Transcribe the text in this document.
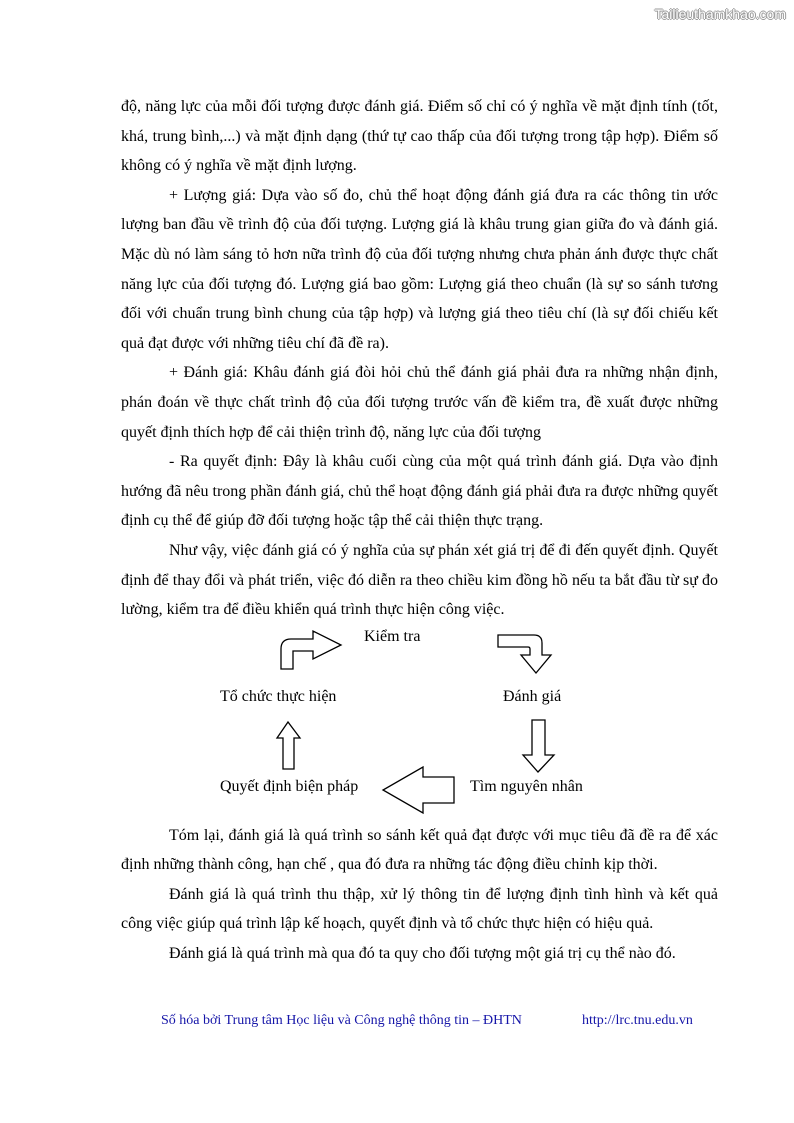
Tailieuthamkhao.com

độ, năng lực của mỗi đối tượng được đánh giá. Điểm số chỉ có ý nghĩa về mặt định tính (tốt, khá, trung bình,...) và mặt định dạng (thứ tự cao thấp của đối tượng trong tập hợp). Điểm số không có ý nghĩa về mặt định lượng.

+ Lượng giá: Dựa vào số đo, chủ thể hoạt động đánh giá đưa ra các thông tin ước lượng ban đầu về trình độ của đối tượng. Lượng giá là khâu trung gian giữa đo và đánh giá. Mặc dù nó làm sáng tỏ hơn nữa trình độ của đối tượng nhưng chưa phản ánh được thực chất năng lực của đối tượng đó. Lượng giá bao gồm: Lượng giá theo chuẩn (là sự so sánh tương đối với chuẩn trung bình chung của tập hợp) và lượng giá theo tiêu chí (là sự đối chiếu kết quả đạt được với những tiêu chí đã đề ra).

+ Đánh giá: Khâu đánh giá đòi hỏi chủ thể đánh giá phải đưa ra những nhận định, phán đoán về thực chất trình độ của đối tượng trước vấn đề kiểm tra, đề xuất được những quyết định thích hợp để cải thiện trình độ, năng lực của đối tượng

- Ra quyết định: Đây là khâu cuối cùng của một quá trình đánh giá. Dựa vào định hướng đã nêu trong phần đánh giá, chủ thể hoạt động đánh giá phải đưa ra được những quyết định cụ thể để giúp đỡ đối tượng hoặc tập thể cải thiện thực trạng.

Như vậy, việc đánh giá có ý nghĩa của sự phán xét giá trị để đi đến quyết định. Quyết định để thay đổi và phát triển, việc đó diễn ra theo chiều kim đồng hồ nếu ta bắt đầu từ sự đo lường, kiểm tra để điều khiển quá trình thực hiện công việc.

Kiểm tra
Đánh giá
Tìm nguyên nhân
Quyết định biện pháp
Tổ chức thực hiện

Tóm lại, đánh giá là quá trình so sánh kết quả đạt được với mục tiêu đã đề ra để xác định những thành công, hạn chế , qua đó đưa ra những tác động điều chỉnh kịp thời.

Đánh giá là quá trình thu thập, xử lý thông tin để lượng định tình hình và kết quả công việc giúp quá trình lập kế hoạch, quyết định và tổ chức thực hiện có hiệu quả.

Đánh giá là quá trình mà qua đó ta quy cho đối tượng một giá trị cụ thể nào đó.

Số hóa bởi Trung tâm Học liệu và Công nghệ thông tin – ĐHTN	http://lrc.tnu.edu.vn
